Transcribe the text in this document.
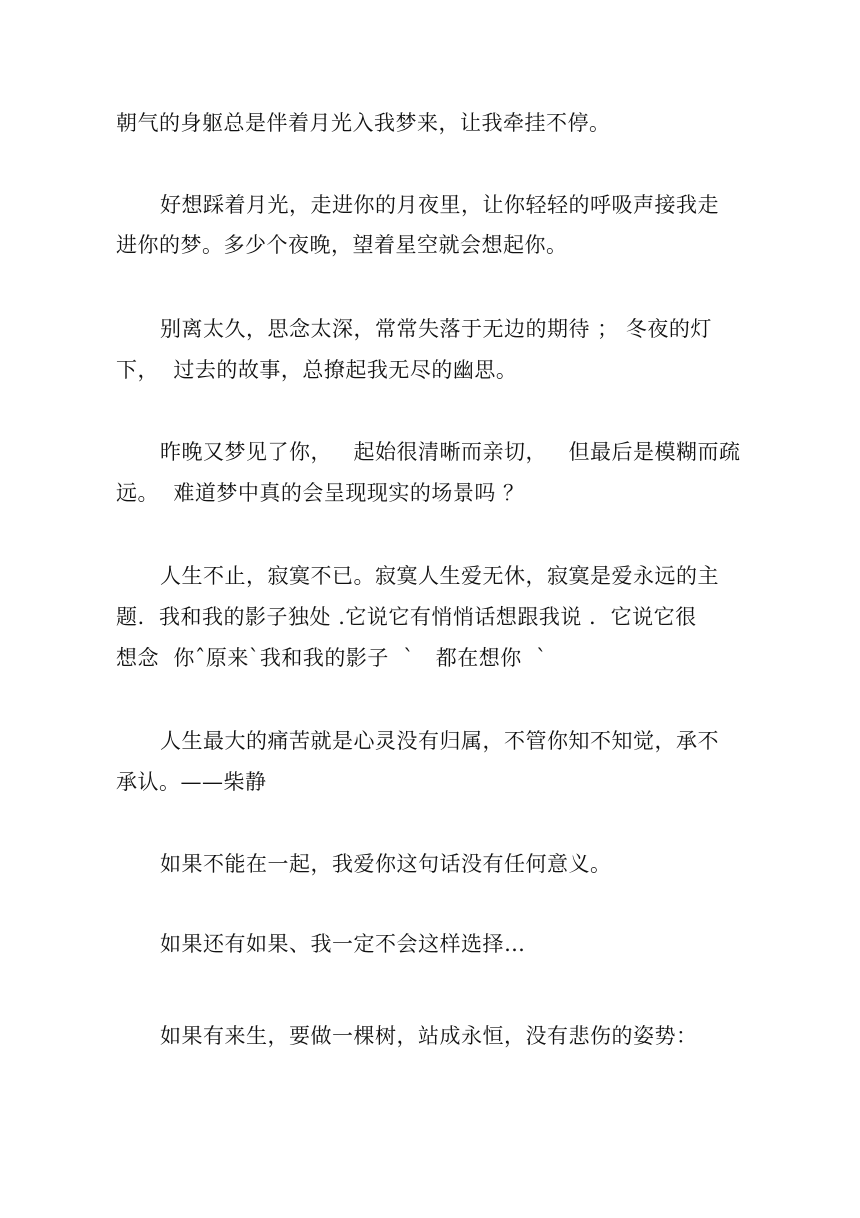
朝气的身躯总是伴着月光入我梦来，让我牵挂不停。
好想踩着月光，走进你的月夜里，让你轻轻的呼吸声接我走
进你的梦。多少个夜晚，望着星空就会想起你。
别离太久，思念太深，常常失落于无边的期待 ； 冬夜的灯
下，  过去的故事，总撩起我无尽的幽思。
昨晚又梦见了你，   起始很清晰而亲切，   但最后是模糊而疏
远。  难道梦中真的会呈现现实的场景吗 ？
人生不止，寂寞不已。寂寞人生爱无休，寂寞是爱永远的主
题.  我和我的影子独处 .它说它有悄悄话想跟我说 .  它说它很
想念  你ˆ原来`我和我的影子  `   都在想你  `
人生最大的痛苦就是心灵没有归属，不管你知不知觉，承不
承认。——柴静
如果不能在一起，我爱你这句话没有任何意义。
如果还有如果、我一定不会这样选择…
如果有来生，要做一棵树，站成永恒，没有悲伤的姿势：
